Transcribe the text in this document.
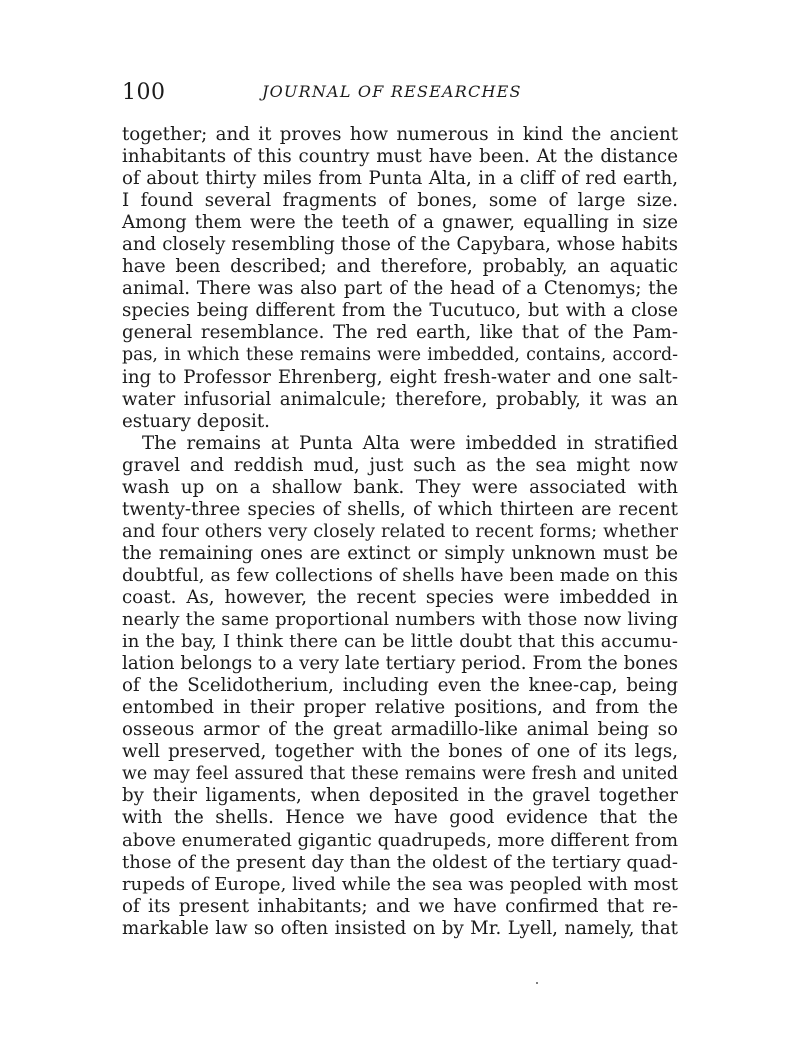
100	JOURNAL OF RESEARCHES
together; and it proves how numerous in kind the ancient
inhabitants of this country must have been. At the distance
of about thirty miles from Punta Alta, in a cliff of red earth,
I found several fragments of bones, some of large size.
Among them were the teeth of a gnawer, equalling in size
and closely resembling those of the Capybara, whose habits
have been described; and therefore, probably, an aquatic
animal. There was also part of the head of a Ctenomys; the
species being different from the Tucutuco, but with a close
general resemblance. The red earth, like that of the Pam-
pas, in which these remains were imbedded, contains, accord-
ing to Professor Ehrenberg, eight fresh-water and one salt-
water infusorial animalcule; therefore, probably, it was an
estuary deposit.
The remains at Punta Alta were imbedded in stratified
gravel and reddish mud, just such as the sea might now
wash up on a shallow bank. They were associated with
twenty-three species of shells, of which thirteen are recent
and four others very closely related to recent forms; whether
the remaining ones are extinct or simply unknown must be
doubtful, as few collections of shells have been made on this
coast. As, however, the recent species were imbedded in
nearly the same proportional numbers with those now living
in the bay, I think there can be little doubt that this accumu-
lation belongs to a very late tertiary period. From the bones
of the Scelidotherium, including even the knee-cap, being
entombed in their proper relative positions, and from the
osseous armor of the great armadillo-like animal being so
well preserved, together with the bones of one of its legs,
we may feel assured that these remains were fresh and united
by their ligaments, when deposited in the gravel together
with the shells. Hence we have good evidence that the
above enumerated gigantic quadrupeds, more different from
those of the present day than the oldest of the tertiary quad-
rupeds of Europe, lived while the sea was peopled with most
of its present inhabitants; and we have confirmed that re-
markable law so often insisted on by Mr. Lyell, namely, that
